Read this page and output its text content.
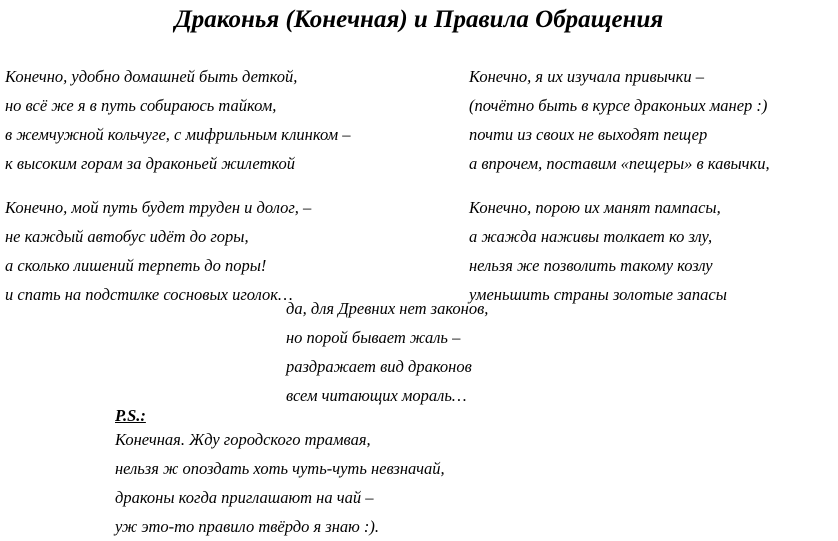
Драконья (Конечная) и Правила Обращения
Конечно, удобно домашней быть деткой,
но всё же я в путь собираюсь тайком,
в жемчужной кольчуге, с мифрильным клинком –
к высоким горам за драконьей жилеткой
Конечно, я их изучала привычки –
(почётно быть в курсе драконьих манер :)
почти из своих не выходят пещер
а впрочем, поставим «пещеры» в кавычки,
Конечно, мой путь будет труден и долог, –
не каждый автобус идёт до горы,
а сколько лишений терпеть до поры!
и спать на подстилке сосновых иголок…
Конечно, порою их манят пампасы,
а жажда наживы толкает ко злу,
нельзя же позволить такому козлу
уменьшить страны золотые запасы
да, для Древних нет законов,
но порой бывает жаль –
раздражает вид драконов
всем читающих мораль…
P.S.:
Конечная. Жду городского трамвая,
нельзя ж опоздать хоть чуть-чуть невзначай,
драконы когда приглашают на чай –
уж это-то правило твёрдо я знаю :).
